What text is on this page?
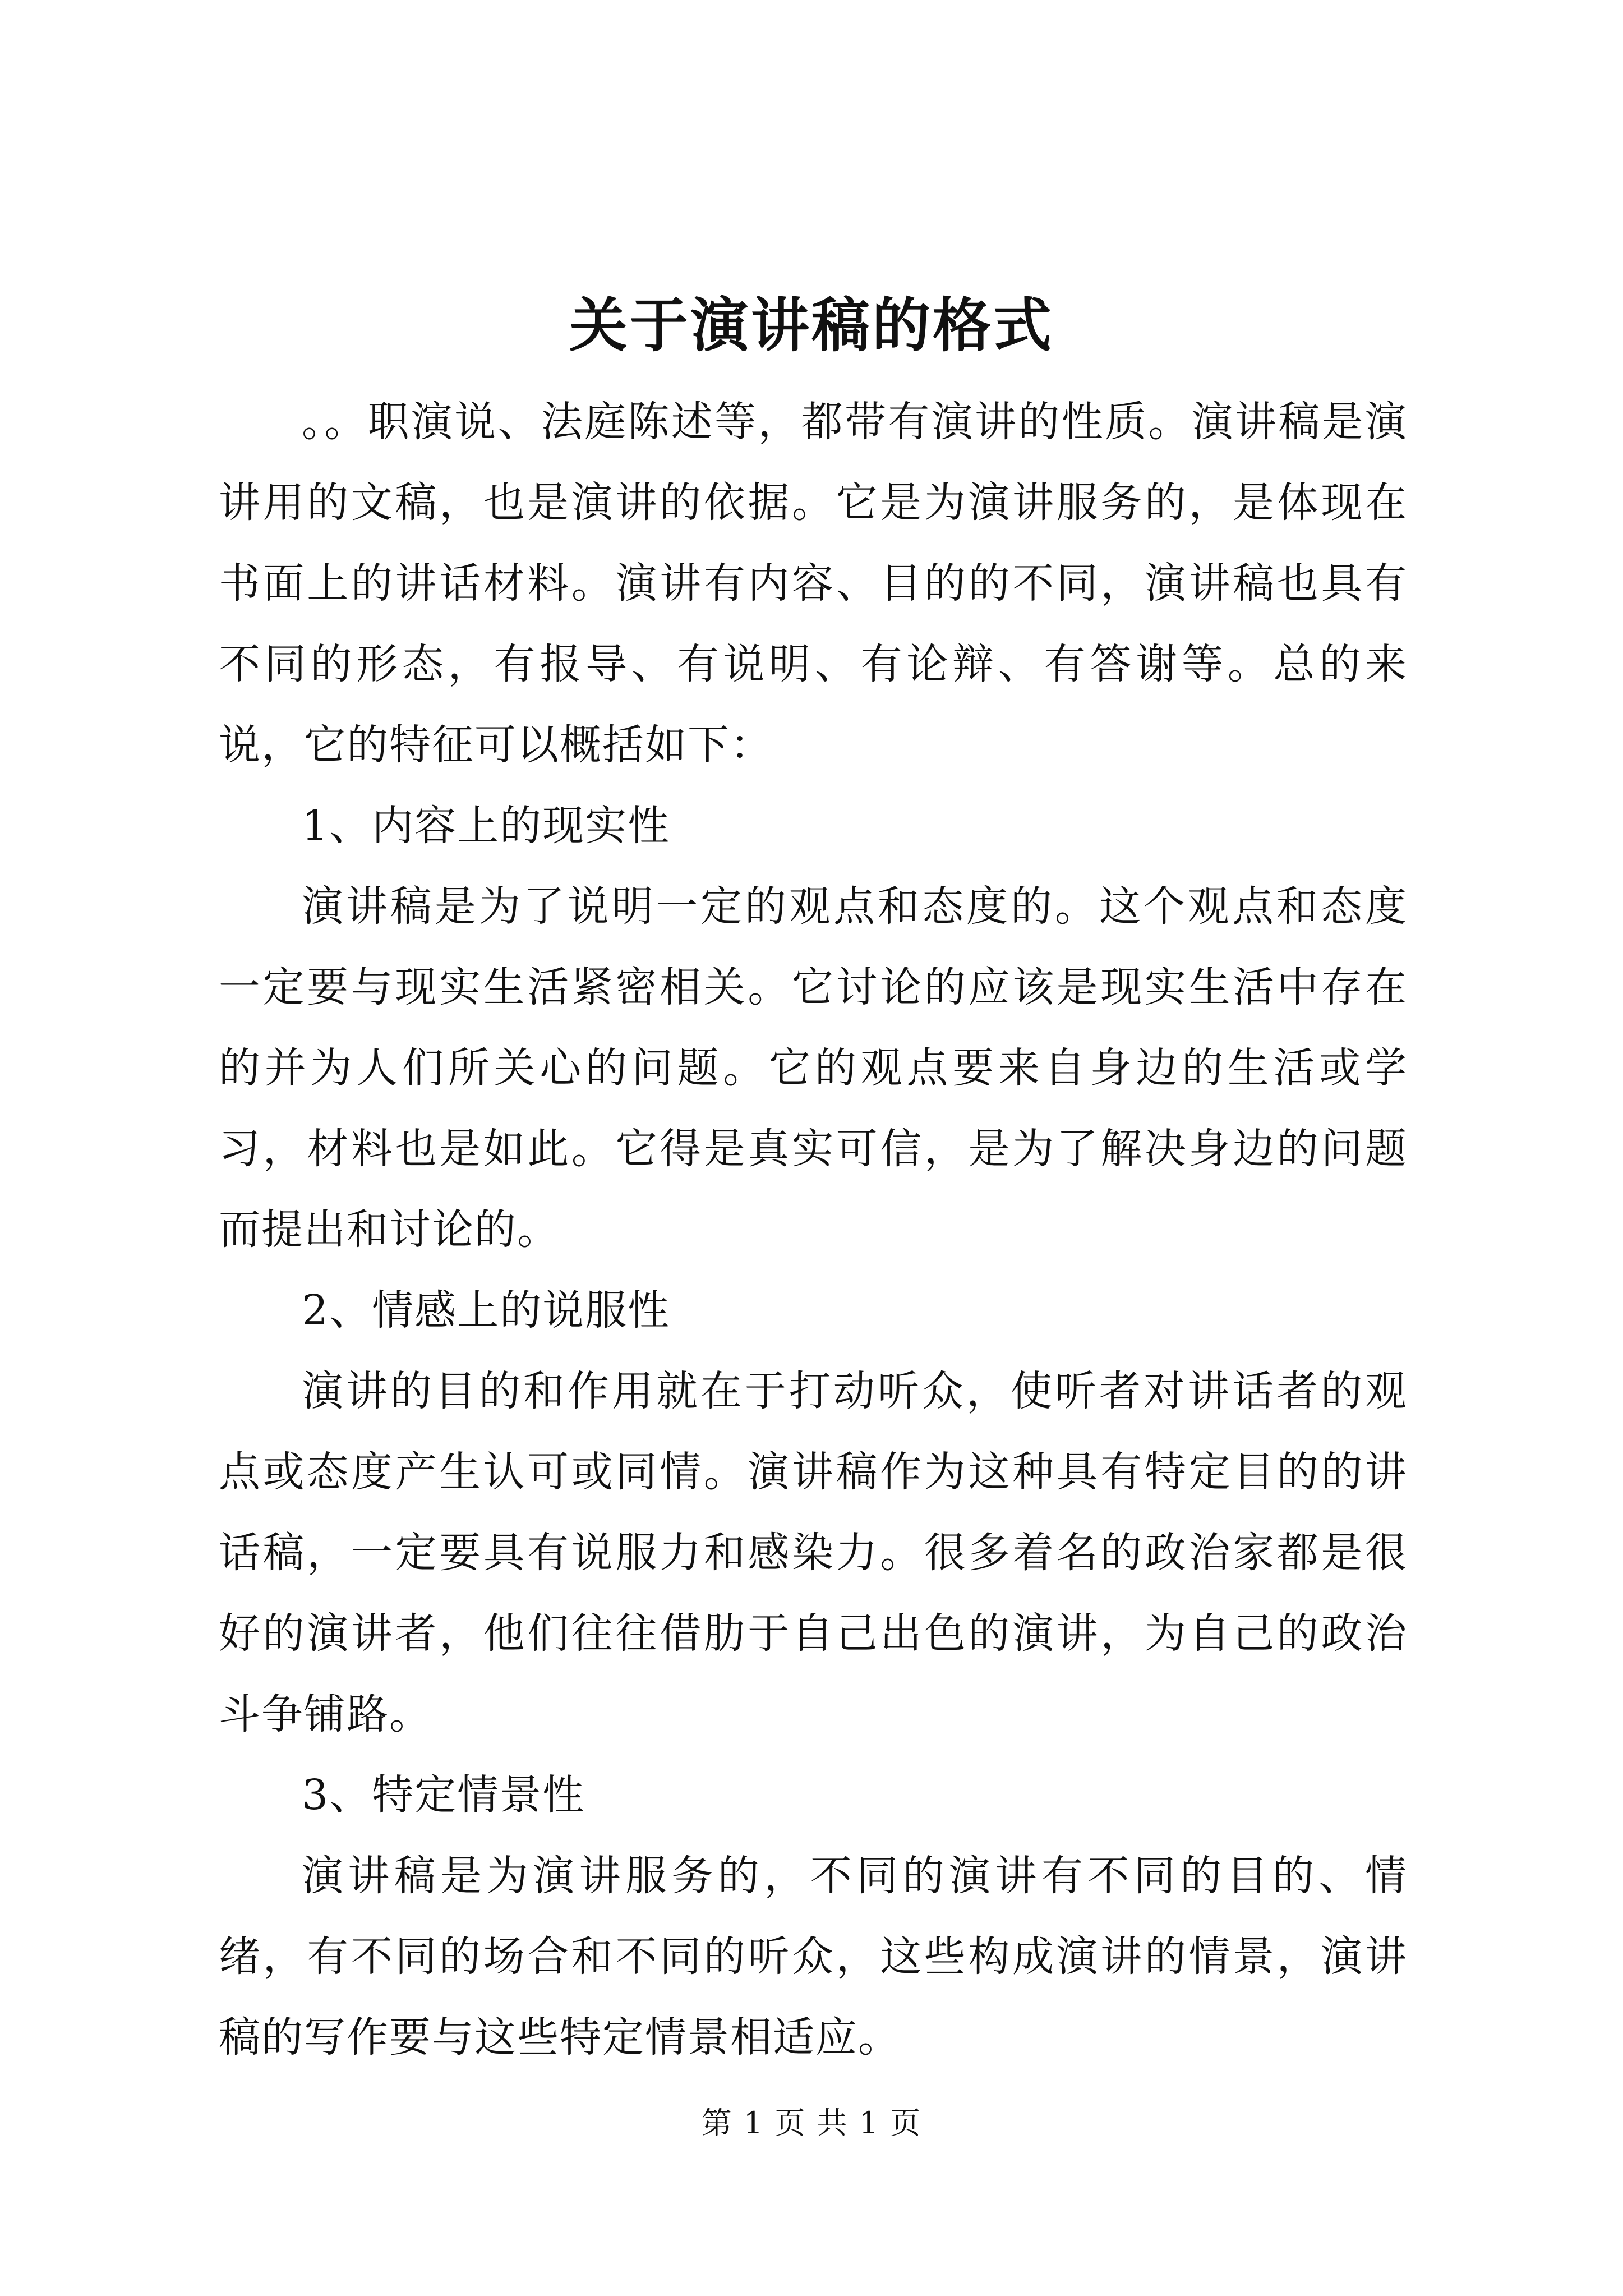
关于演讲稿的格式

。。职演说、法庭陈述等，都带有演讲的性质。演讲稿是演讲用的文稿，也是演讲的依据。它是为演讲服务的，是体现在书面上的讲话材料。演讲有内容、目的的不同，演讲稿也具有不同的形态，有报导、有说明、有论辩、有答谢等。总的来说，它的特征可以概括如下：

1、内容上的现实性

演讲稿是为了说明一定的观点和态度的。这个观点和态度一定要与现实生活紧密相关。它讨论的应该是现实生活中存在的并为人们所关心的问题。它的观点要来自身边的生活或学习，材料也是如此。它得是真实可信，是为了解决身边的问题而提出和讨论的。

2、情感上的说服性

演讲的目的和作用就在于打动听众，使听者对讲话者的观点或态度产生认可或同情。演讲稿作为这种具有特定目的的讲话稿，一定要具有说服力和感染力。很多着名的政治家都是很好的演讲者，他们往往借肋于自己出色的演讲，为自己的政治斗争铺路。

3、特定情景性

演讲稿是为演讲服务的，不同的演讲有不同的目的、情绪，有不同的场合和不同的听众，这些构成演讲的情景，演讲稿的写作要与这些特定情景相适应。

第 1 页 共 1 页
